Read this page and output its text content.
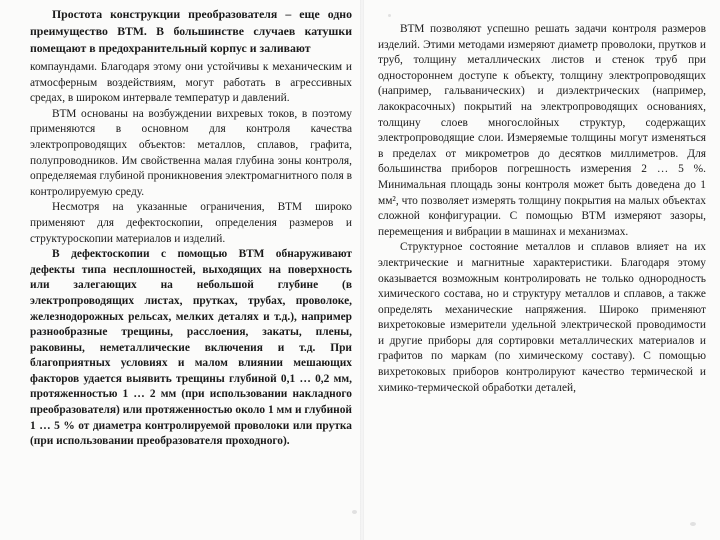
Простота конструкции преобразователя – еще одно преимущество ВТМ. В большинстве случаев катушки помещают в предохранительный корпус и заливают

компаундами. Благодаря этому они устойчивы к механическим и атмосферным воздействиям, могут работать в агрессивных средах, в широком интервале температур и давлений.

ВТМ основаны на возбуждении вихревых токов, в поэтому применяются в основном для контроля качества электропроводящих объектов: металлов, сплавов, графита, полупроводников. Им свойственна малая глубина зоны контроля, определяемая глубиной проникновения электромагнитного поля в контролируемую среду.

Несмотря на указанные ограничения, ВТМ широко применяют для дефектоскопии, определения размеров и структуроскопии материалов и изделий.

В дефектоскопии с помощью ВТМ обнаруживают дефекты типа несплошностей, выходящих на поверхность или залегающих на небольшой глубине (в электропроводящих листах, прутках, трубах, проволоке, железнодорожных рельсах, мелких деталях и т.д.), например разнообразные трещины, расслоения, закаты, плены, раковины, неметаллические включения и т.д. При благоприятных условиях и малом влиянии мешающих факторов удается выявить трещины глубиной 0,1 … 0,2 мм, протяженностью 1 … 2 мм (при использовании накладного преобразователя) или протяженностью около 1 мм и глубиной 1 … 5 % от диаметра контролируемой проволоки или прутка (при использовании преобразователя проходного).

ВТМ позволяют успешно решать задачи контроля размеров изделий. Этими методами измеряют диаметр проволоки, прутков и труб, толщину металлических листов и стенок труб при одностороннем доступе к объекту, толщину электропроводящих (например, гальванических) и диэлектрических (например, лакокрасочных) покрытий на электропроводящих основаниях, толщину слоев многослойных структур, содержащих электропроводящие слои. Измеряемые толщины могут изменяться в пределах от микрометров до десятков миллиметров. Для большинства приборов погрешность измерения 2 … 5 %. Минимальная площадь зоны контроля может быть доведена до 1 мм², что позволяет измерять толщину покрытия на малых объектах сложной конфигурации. С помощью ВТМ измеряют зазоры, перемещения и вибрации в машинах и механизмах.

Структурное состояние металлов и сплавов влияет на их электрические и магнитные характеристики. Благодаря этому оказывается возможным контролировать не только однородность химического состава, но и структуру металлов и сплавов, а также определять механические напряжения. Широко применяют вихретоковые измерители удельной электрической проводимости и другие приборы для сортировки металлических материалов и графитов по маркам (по химическому составу). С помощью вихретоковых приборов контролируют качество термической и химико-термической обработки деталей,
